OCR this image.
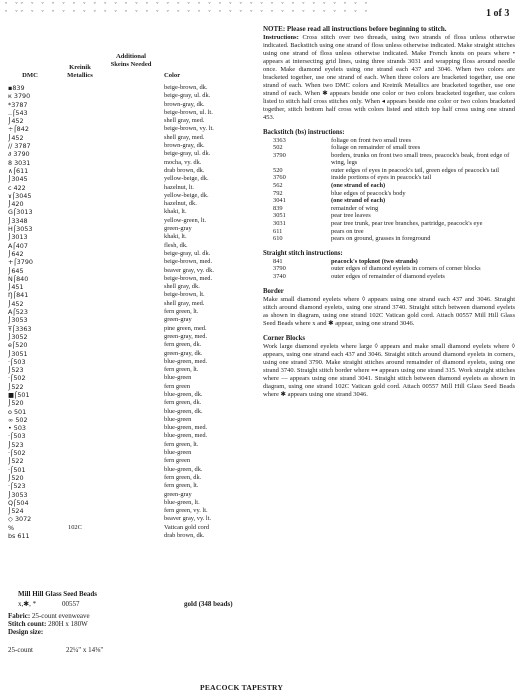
ˇ ˇˇ ˇ ˇ ˇ ˇ ˇ ˇ ˇ ˇ ˇ ˇ ˇ ˇ ˇ ˇ ˇ ˇ ˇ ˇ ˇ ˇ ˇ ˇ ˇ ˇ ˇ ˇ ˇ ˇ ˇ ˇ ˇ ˇ ˇ
ˇ ˇˇ ˇ ˇ ˇ ˇ ˇ ˇ ˇ ˇ ˇ ˇ ˇ ˇ ˇ ˇ ˇ ˇ ˇ ˇ ˇ ˇ ˇ ˇ ˇ ˇ ˇ ˇ ˇ ˇ ˇ ˇ ˇ ˇ ˇ	1 of 3
DMC
Kreinik Metallics
Additional Skeins Needed
Color
▪839	beige-brown, dk.
к 3790	beige-gray, ul. dk.
*3787	brown-gray, dk.
..⌠543	beige-brown, ul. lt.
⌡452	shell gray, med.
÷⌠842	beige-brown, vy. lt.
⌡452	shell gray, med.
// 3787	brown-gray, dk.
∂ 3790	beige-gray, ul. dk.
8 3031	mocha, vy. dk.
∧⌠611	drab brown, dk.
⌡3045	yellow-beige, dk.
c 422	hazelnut, lt.
ɤ⌠3045	yellow-beige, dk.
⌡420	hazelnut, dk.
G⌠3013	khaki, lt.
⌡3348	yellow-green, lt.
H⌠3053	green-gray
⌡3013	khaki, lt.
A⌠407	flesh, dk.
⌡642	beige-gray, ul. dk.
+⌠3790	beige-brown, med.
⌡645	beaver gray, vy. dk.
N⌠840	beige-brown, med.
⌡451	shell gray, dk.
Ŋ⌠841	beige-brown, lt.
⌡452	shell gray, med.
A⌠523	fern green, lt.
⌡3053	green-gray
Ŧ⌠3363	pine green, med.
⌡3052	green-gray, med.
e⌠520	fern green, dk.
⌡3051	green-gray, dk.
·⌠503	blue-green, med.
⌡523	fern green, lt.
·⌠502	blue-green
⌡522	fern green
■⌠501	blue-green, dk.
⌡520	fern green, dk.
o 501	blue-green, dk.
∞ 502	blue-green
• 503	blue-green, med.
·⌠503	blue-green, med.
⌡523	fern green, lt.
·⌠502	blue-green
⌡522	fern green
·⌠501	blue-green, dk.
⌡520	fern green, dk.
·⌠523	fern green, lt.
⌡3053	green-gray
Q⌠504	blue-green, lt.
⌡524	fern green, vy. lt.
◇ 3072	beaver gray, vy. lt.
%	102C	Vatican gold cord
bs 611	drab brown, dk.
Mill Hill Glass Seed Beads
x,✱, *	00557	gold (348 beads)
Fabric: 25-count evenweave
Stitch count: 280H x 180W
Design size:
25-count	22¼" x 14⅜"

NOTE: Please read all instructions before beginning to stitch.

Instructions: Cross stitch over two threads, using two strands of floss unless otherwise indicated. Backstitch using one strand of floss unless otherwise indicated. Make straight stitches using one strand of floss unless otherwise indicated. Make French knots on pears where • appears at intersecting grid lines, using three strands 3031 and wrapping floss around needle once. Make diamond eyelets using one strand each 437 and 3046. When two colors are bracketed together, use one strand of each. When three colors are bracketed together, use one strand of each. When two DMC colors and Kreinik Metallics are bracketed together, use one strand of each. When ✱ appears beside one color or two colors bracketed together, use colors listed to stitch half cross stitches only. When ◂ appears beside one color or two colors bracketed together, stitch bottom half cross with colors listed and stitch top half cross using one strand 453.

Backstitch (bs) instructions:

3363	foliage on front two small trees
502	foliage on remainder of small trees
3790	borders, trunks on front two small trees, peacock's beak, front edge of wing, legs
520	outer edges of eyes in peacock's tail, green edges of peacock's tail
3760	inside portions of eyes in peacock's tail
562	(one strand of each)
792	blue edges of peacock's body
3041	(one strand of each)
839	remainder of wing
3051	pear tree leaves
3031	pear tree trunk, pear tree branches, partridge, peacock's eye
611	pears on tree
610	pears on ground, grasses in foreground

Straight stitch instructions:

841	peacock's topknot (two strands)
3790	outer edges of diamond eyelets in corners of corner blocks
3740	outer edges of remainder of diamond eyelets

Border

Make small diamond eyelets where ◊ appears using one strand each 437 and 3046. Straight stitch around diamond eyelets, using one strand 3740. Straight stitch between diamond eyelets as shown in diagram, using one strand 102C Vatican gold cord. Attach 00557 Mill Hill Glass Seed Beads where x and ✱ appear, using one strand 3046.

Corner Blocks

Work large diamond eyelets where large ◊ appears and make small diamond eyelets where ◊ appears, using one strand each 437 and 3046. Straight stitch around diamond eyelets in corners, using one strand 3790. Make straight stitches around remainder of diamond eyelets, using one strand 3740. Straight stitch border where ⊶ appears using one strand 315. Work straight stitches where — appears using one strand 3041. Straight stitch between diamond eyelets as shown in diagram, using one strand 102C Vatican gold cord. Attach 00557 Mill Hill Glass Seed Beads where ✱ appears using one strand 3046.

PEACOCK TAPESTRY
